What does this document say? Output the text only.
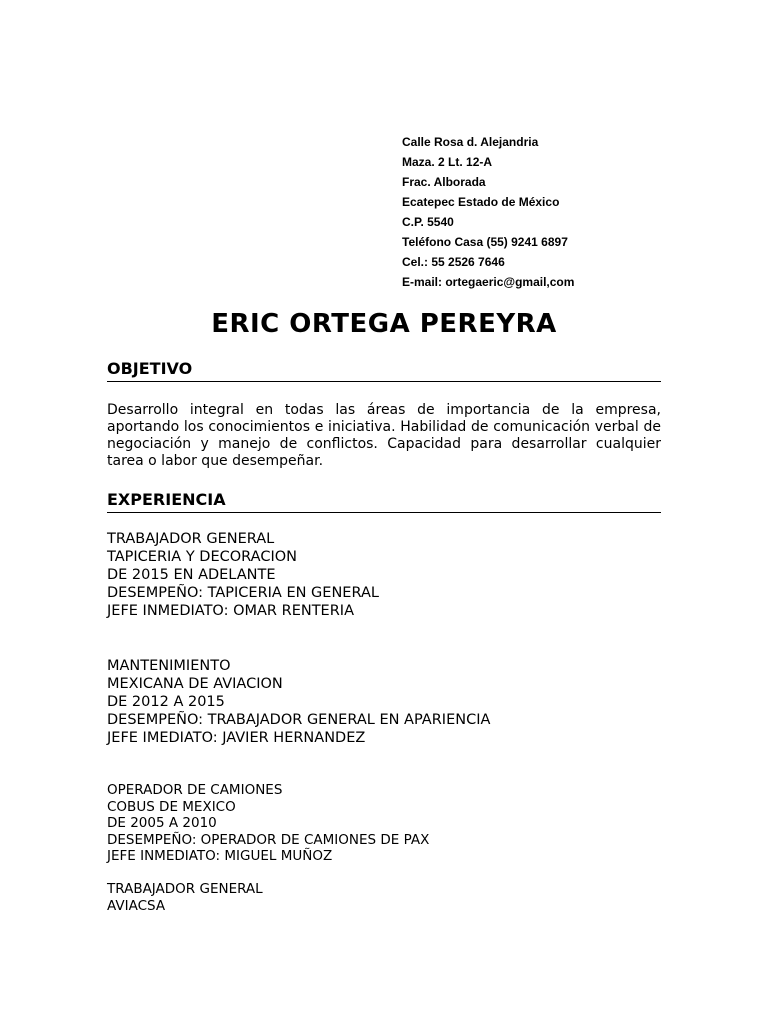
Calle Rosa d. Alejandria
Maza. 2 Lt. 12-A
Frac. Alborada
Ecatepec Estado de México
C.P. 5540
Teléfono Casa (55) 9241 6897
Cel.: 55 2526 7646
E-mail: ortegaeric@gmail,com
ERIC ORTEGA PEREYRA
OBJETIVO
Desarrollo integral en todas las áreas de importancia de la empresa, aportando los conocimientos e iniciativa. Habilidad de comunicación verbal de negociación y manejo de conflictos. Capacidad para desarrollar cualquier tarea o labor que desempeñar.
EXPERIENCIA
TRABAJADOR GENERAL
TAPICERIA Y DECORACION
DE 2015 EN ADELANTE
DESEMPEÑO: TAPICERIA EN GENERAL
JEFE INMEDIATO: OMAR RENTERIA
MANTENIMIENTO
MEXICANA DE AVIACION
DE 2012 A 2015
DESEMPEÑO: TRABAJADOR GENERAL EN APARIENCIA
JEFE IMEDIATO: JAVIER HERNANDEZ
OPERADOR DE CAMIONES
COBUS DE MEXICO
DE 2005 A 2010
DESEMPEÑO: OPERADOR DE CAMIONES DE PAX
JEFE INMEDIATO: MIGUEL MUÑOZ
TRABAJADOR GENERAL
AVIACSA
